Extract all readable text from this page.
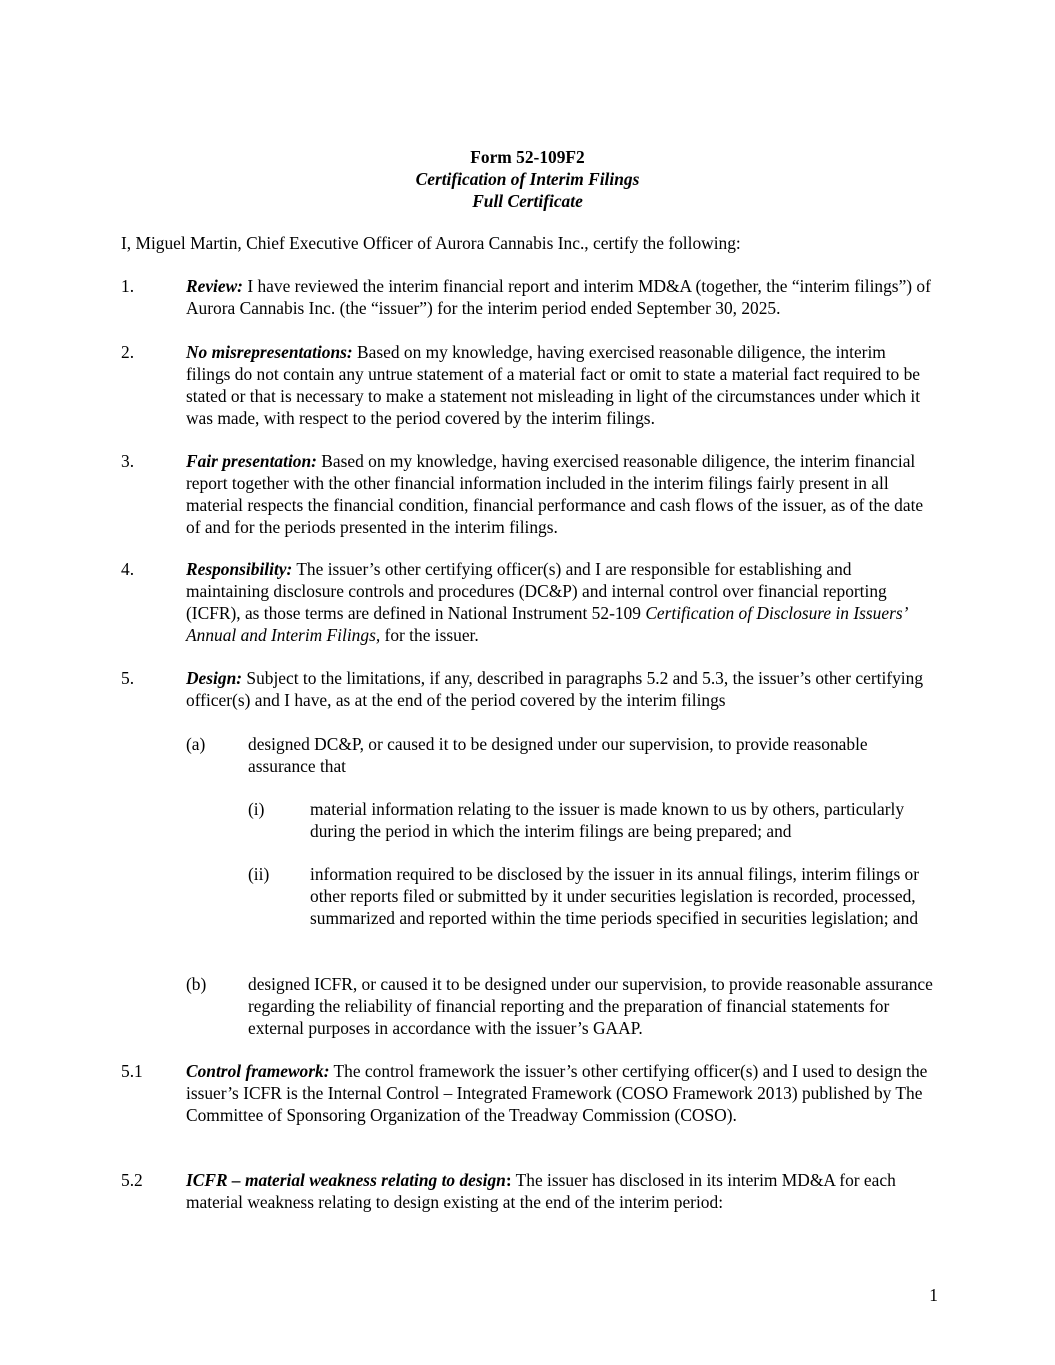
Form 52-109F2

Certification of Interim Filings

Full Certificate

I, Miguel Martin, Chief Executive Officer of Aurora Cannabis Inc., certify the following:

1.	Review: I have reviewed the interim financial report and interim MD&A (together, the “interim filings”) of Aurora Cannabis Inc. (the “issuer”) for the interim period ended September 30, 2025.
2.	No misrepresentations: Based on my knowledge, having exercised reasonable diligence, the interim filings do not contain any untrue statement of a material fact or omit to state a material fact required to be stated or that is necessary to make a statement not misleading in light of the circumstances under which it was made, with respect to the period covered by the interim filings.
3.	Fair presentation: Based on my knowledge, having exercised reasonable diligence, the interim financial report together with the other financial information included in the interim filings fairly present in all material respects the financial condition, financial performance and cash flows of the issuer, as of the date of and for the periods presented in the interim filings.
4.	Responsibility: The issuer’s other certifying officer(s) and I are responsible for establishing and maintaining disclosure controls and procedures (DC&P) and internal control over financial reporting (ICFR), as those terms are defined in National Instrument 52-109 Certification of Disclosure in Issuers’ Annual and Interim Filings, for the issuer.
5.	Design: Subject to the limitations, if any, described in paragraphs 5.2 and 5.3, the issuer’s other certifying officer(s) and I have, as at the end of the period covered by the interim filings
(a) designed DC&P, or caused it to be designed under our supervision, to provide reasonable assurance that
(i)	material information relating to the issuer is made known to us by others, particularly during the period in which the interim filings are being prepared; and
(ii) information required to be disclosed by the issuer in its annual filings, interim filings or other reports filed or submitted by it under securities legislation is recorded, processed, summarized and reported within the time periods specified in securities legislation; and
(b) designed ICFR, or caused it to be designed under our supervision, to provide reasonable assurance regarding the reliability of financial reporting and the preparation of financial statements for external purposes in accordance with the issuer’s GAAP.
5.1 Control framework: The control framework the issuer’s other certifying officer(s) and I used to design the issuer’s ICFR is the Internal Control – Integrated Framework (COSO Framework 2013) published by The Committee of Sponsoring Organization of the Treadway Commission (COSO).
5.2 ICFR – material weakness relating to design: The issuer has disclosed in its interim MD&A for each material weakness relating to design existing at the end of the interim period:

1
